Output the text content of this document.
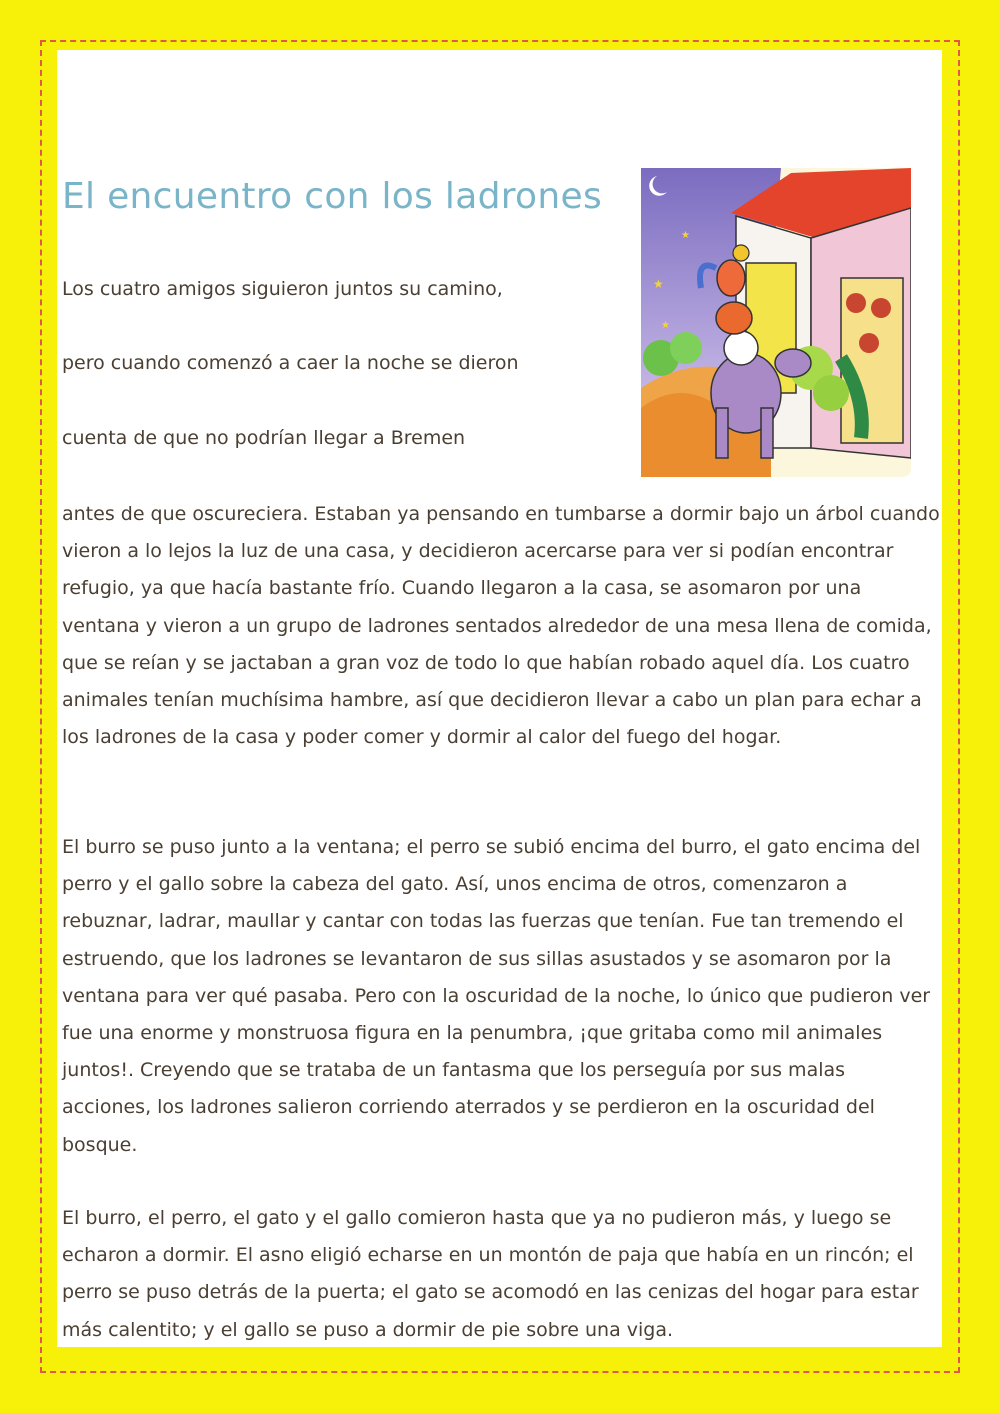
El encuentro con los ladrones

Los cuatro amigos siguieron juntos su camino,

pero cuando comenzó a caer la noche se dieron

cuenta de que no podrían llegar a Bremen

★
★
★

antes de que oscureciera. Estaban ya pensando en tumbarse a dormir bajo un árbol cuando vieron a lo lejos la luz de una casa, y decidieron acercarse para ver si podían encontrar refugio, ya que hacía bastante frío. Cuando llegaron a la casa, se asomaron por una ventana y vieron a un grupo de ladrones sentados alrededor de una mesa llena de comida, que se reían y se jactaban a gran voz de todo lo que habían robado aquel día. Los cuatro animales tenían muchísima hambre, así que decidieron llevar a cabo un plan para echar a los ladrones de la casa y poder comer y dormir al calor del fuego del hogar.

El burro se puso junto a la ventana; el perro se subió encima del burro, el gato encima del perro y el gallo sobre la cabeza del gato. Así, unos encima de otros, comenzaron a rebuznar, ladrar, maullar y cantar con todas las fuerzas que tenían. Fue tan tremendo el estruendo, que los ladrones se levantaron de sus sillas asustados y se asomaron por la ventana para ver qué pasaba. Pero con la oscuridad de la noche, lo único que pudieron ver fue una enorme y monstruosa figura en la penumbra, ¡que gritaba como mil animales juntos!. Creyendo que se trataba de un fantasma que los perseguía por sus malas acciones, los ladrones salieron corriendo aterrados y se perdieron en la oscuridad del bosque.

El burro, el perro, el gato y el gallo comieron hasta que ya no pudieron más, y luego se echaron a dormir. El asno eligió echarse en un montón de paja que había en un rincón; el perro se puso detrás de la puerta; el gato se acomodó en las cenizas del hogar para estar más calentito; y el gallo se puso a dormir de pie sobre una viga.
